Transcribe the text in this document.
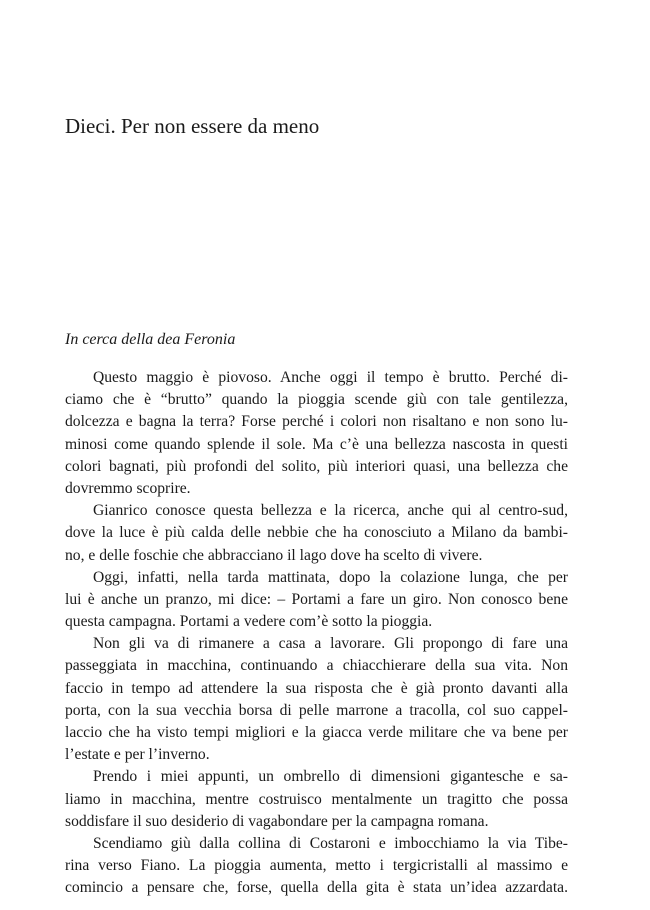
Dieci. Per non essere da meno
In cerca della dea Feronia
Questo maggio è piovoso. Anche oggi il tempo è brutto. Perché di-
ciamo che è “brutto” quando la pioggia scende giù con tale gentilezza,
dolcezza e bagna la terra? Forse perché i colori non risaltano e non sono lu-
minosi come quando splende il sole. Ma c’è una bellezza nascosta in questi
colori bagnati, più profondi del solito, più interiori quasi, una bellezza che
dovremmo scoprire.
Gianrico conosce questa bellezza e la ricerca, anche qui al centro-sud,
dove la luce è più calda delle nebbie che ha conosciuto a Milano da bambi-
no, e delle foschie che abbracciano il lago dove ha scelto di vivere.
Oggi, infatti, nella tarda mattinata, dopo la colazione lunga, che per
lui è anche un pranzo, mi dice: – Portami a fare un giro. Non conosco bene
questa campagna. Portami a vedere com’è sotto la pioggia.
Non gli va di rimanere a casa a lavorare. Gli propongo di fare una
passeggiata in macchina, continuando a chiacchierare della sua vita. Non
faccio in tempo ad attendere la sua risposta che è già pronto davanti alla
porta, con la sua vecchia borsa di pelle marrone a tracolla, col suo cappel-
laccio che ha visto tempi migliori e la giacca verde militare che va bene per
l’estate e per l’inverno.
Prendo i miei appunti, un ombrello di dimensioni gigantesche e sa-
liamo in macchina, mentre costruisco mentalmente un tragitto che possa
soddisfare il suo desiderio di vagabondare per la campagna romana.
Scendiamo giù dalla collina di Costaroni e imbocchiamo la via Tibe-
rina verso Fiano. La pioggia aumenta, metto i tergicristalli al massimo e
comincio a pensare che, forse, quella della gita è stata un’idea azzardata.
